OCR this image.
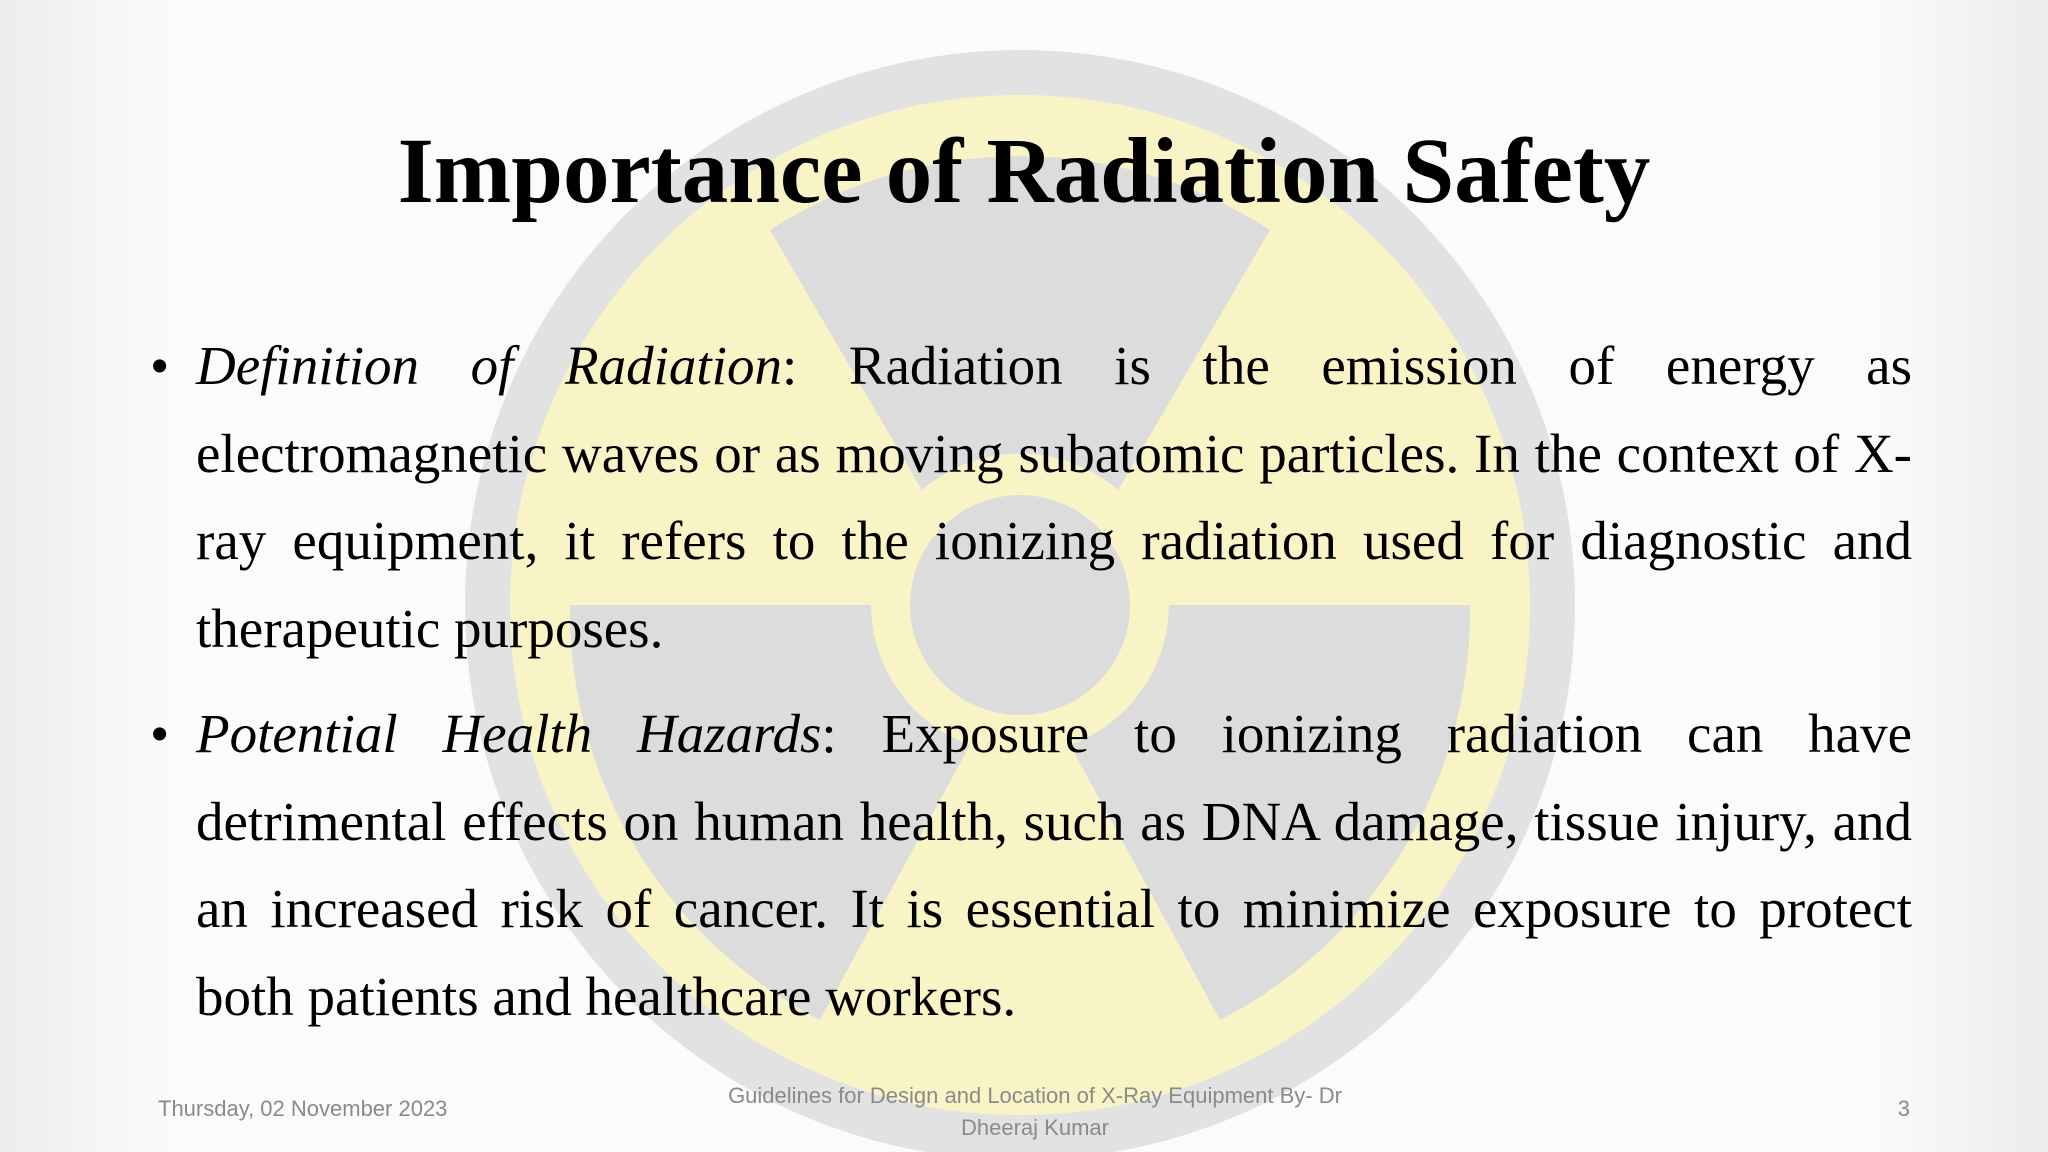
Importance of Radiation Safety
• Definition of Radiation: Radiation is the emission of energy as electromagnetic waves or as moving subatomic particles. In the context of X-ray equipment, it refers to the ionizing radiation used for diagnostic and therapeutic purposes.
• Potential Health Hazards: Exposure to ionizing radiation can have detrimental effects on human health, such as DNA damage, tissue injury, and an increased risk of cancer. It is essential to minimize exposure to protect both patients and healthcare workers.
Thursday, 02 November 2023
Guidelines for Design and Location of X-Ray Equipment By- Dr
Dheeraj Kumar
3
